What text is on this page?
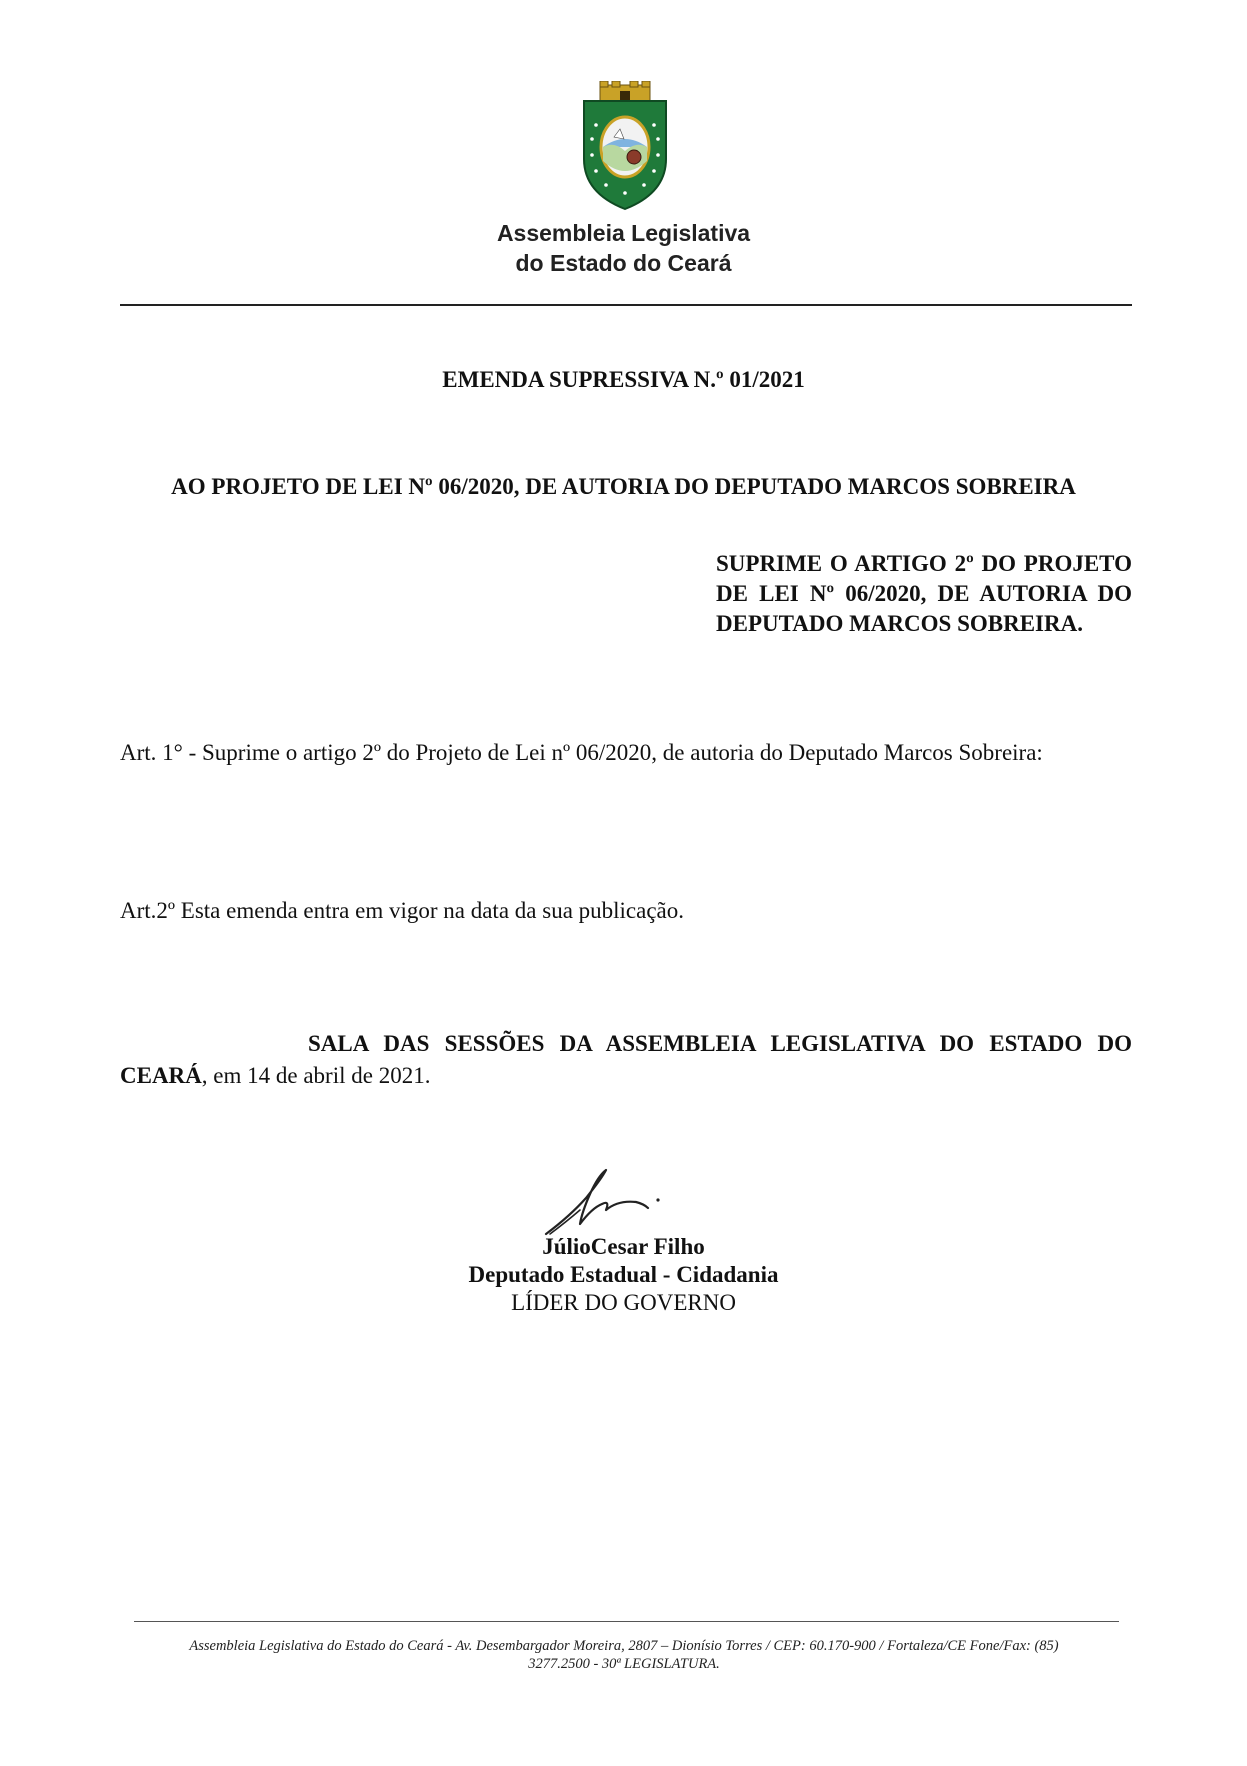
Assembleia Legislativa
do Estado do Ceará
EMENDA SUPRESSIVA N.º 01/2021
AO PROJETO DE LEI Nº 06/2020, DE AUTORIA DO DEPUTADO MARCOS SOBREIRA
SUPRIME O ARTIGO 2º DO PROJETO DE LEI Nº 06/2020, DE AUTORIA DO DEPUTADO MARCOS SOBREIRA.
Art. 1° - Suprime o artigo 2º do Projeto de Lei nº 06/2020, de autoria do Deputado Marcos Sobreira:
Art.2º Esta emenda entra em vigor na data da sua publicação.
SALA DAS SESSÕES DA ASSEMBLEIA LEGISLATIVA DO ESTADO DO CEARÁ, em 14 de abril de 2021.
JúlioCesar Filho
Deputado Estadual - Cidadania
LÍDER DO GOVERNO
Assembleia Legislativa do Estado do Ceará - Av. Desembargador Moreira, 2807 – Dionísio Torres / CEP: 60.170-900 / Fortaleza/CE Fone/Fax: (85)
3277.2500 - 30ª LEGISLATURA.
